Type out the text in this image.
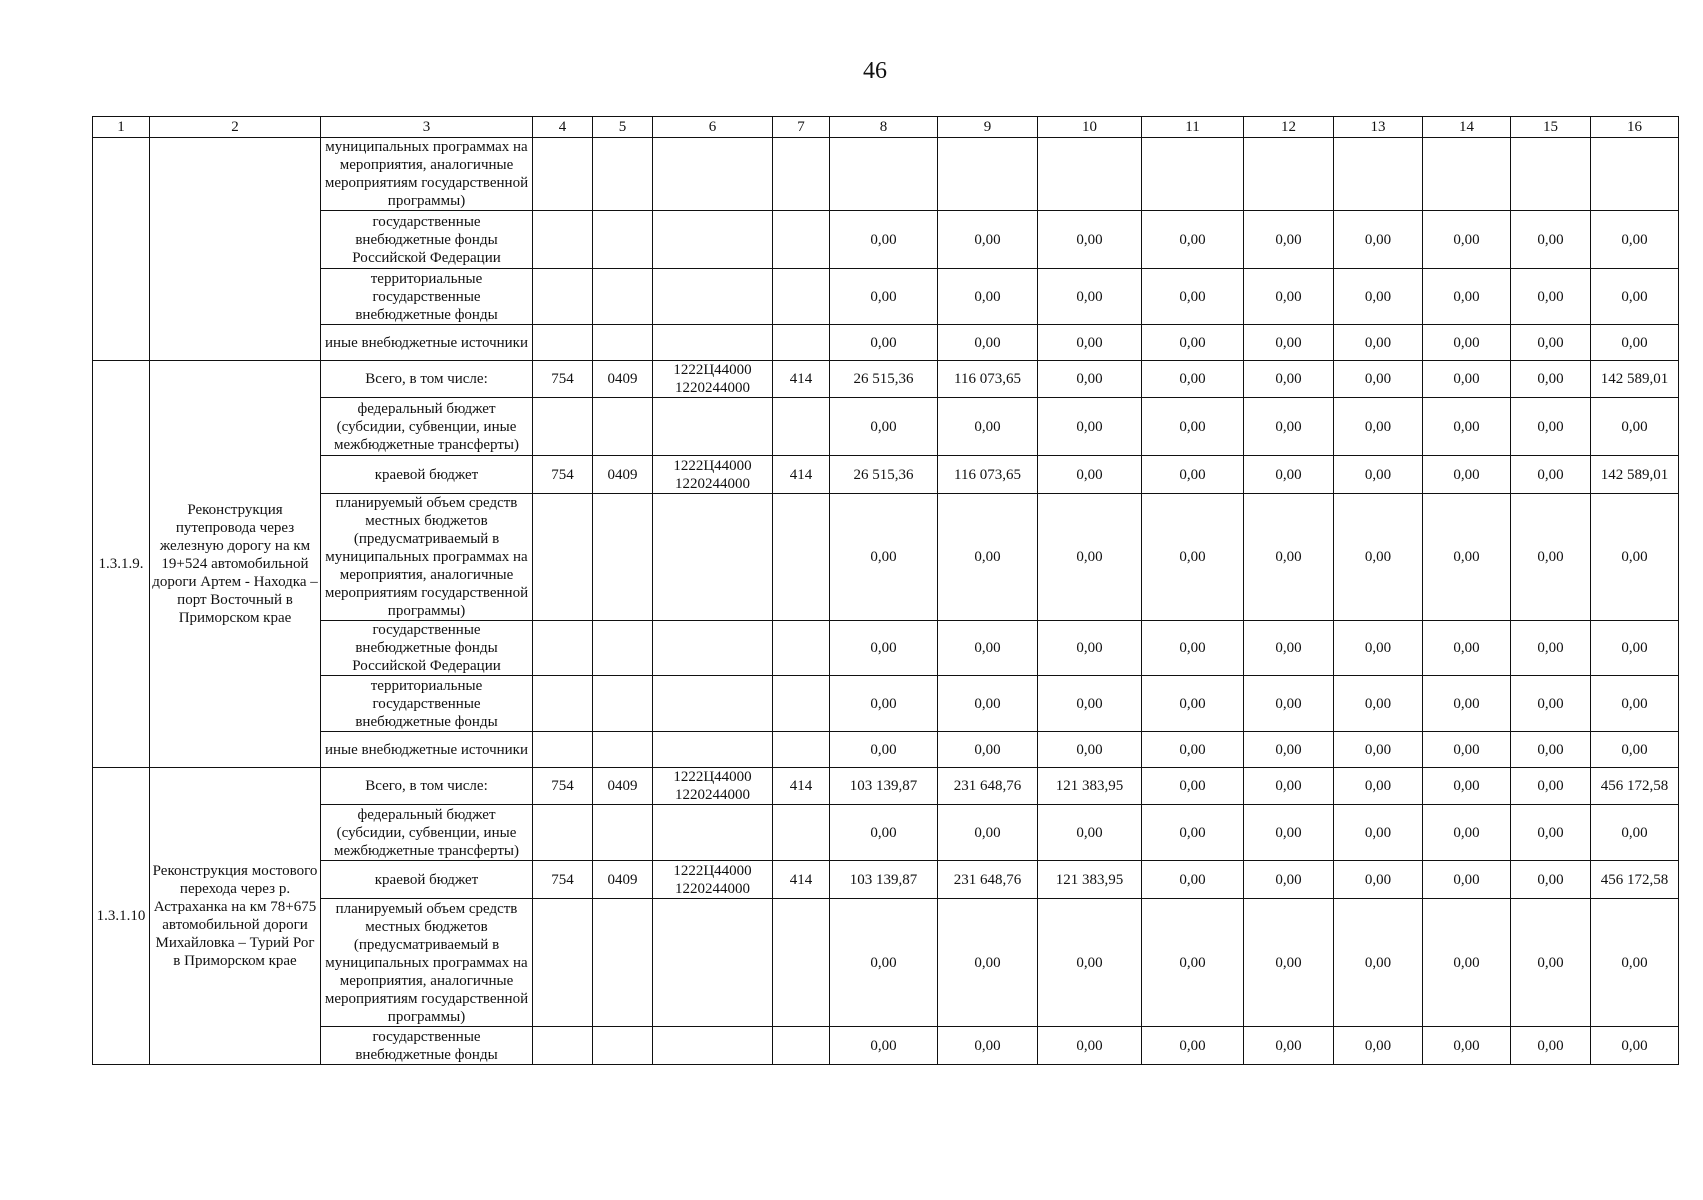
46
1	2	3	4	5	6	7	8	9	10	11	12	13	14	15	16
		муниципальных программах на мероприятия, аналогичные мероприятиям государственной программы)													
		государственные внебюджетные фонды Российской Федерации					0,00	0,00	0,00	0,00	0,00	0,00	0,00	0,00	0,00
		территориальные государственные внебюджетные фонды					0,00	0,00	0,00	0,00	0,00	0,00	0,00	0,00	0,00
		иные внебюджетные источники					0,00	0,00	0,00	0,00	0,00	0,00	0,00	0,00	0,00
1.3.1.9.	Реконструкция путепровода через железную дорогу на км 19+524 автомобильной дороги Артем - Находка – порт Восточный в Приморском крае	Всего, в том числе:	754	0409	1222Ц44000 1220244000	414	26 515,36	116 073,65	0,00	0,00	0,00	0,00	0,00	0,00	142 589,01
		федеральный бюджет (субсидии, субвенции, иные межбюджетные трансферты)					0,00	0,00	0,00	0,00	0,00	0,00	0,00	0,00	0,00
		краевой бюджет	754	0409	1222Ц44000 1220244000	414	26 515,36	116 073,65	0,00	0,00	0,00	0,00	0,00	0,00	142 589,01
		планируемый объем средств местных бюджетов (предусматриваемый в муниципальных программах на мероприятия, аналогичные мероприятиям государственной программы)					0,00	0,00	0,00	0,00	0,00	0,00	0,00	0,00	0,00
		государственные внебюджетные фонды Российской Федерации					0,00	0,00	0,00	0,00	0,00	0,00	0,00	0,00	0,00
		территориальные государственные внебюджетные фонды					0,00	0,00	0,00	0,00	0,00	0,00	0,00	0,00	0,00
		иные внебюджетные источники					0,00	0,00	0,00	0,00	0,00	0,00	0,00	0,00	0,00
1.3.1.10	Реконструкция мостового перехода через р. Астраханка на км 78+675 автомобильной дороги Михайловка – Турий Рог в Приморском крае	Всего, в том числе:	754	0409	1222Ц44000 1220244000	414	103 139,87	231 648,76	121 383,95	0,00	0,00	0,00	0,00	0,00	456 172,58
		федеральный бюджет (субсидии, субвенции, иные межбюджетные трансферты)					0,00	0,00	0,00	0,00	0,00	0,00	0,00	0,00	0,00
		краевой бюджет	754	0409	1222Ц44000 1220244000	414	103 139,87	231 648,76	121 383,95	0,00	0,00	0,00	0,00	0,00	456 172,58
		планируемый объем средств местных бюджетов (предусматриваемый в муниципальных программах на мероприятия, аналогичные мероприятиям государственной программы)					0,00	0,00	0,00	0,00	0,00	0,00	0,00	0,00	0,00
		государственные внебюджетные фонды					0,00	0,00	0,00	0,00	0,00	0,00	0,00	0,00	0,00
